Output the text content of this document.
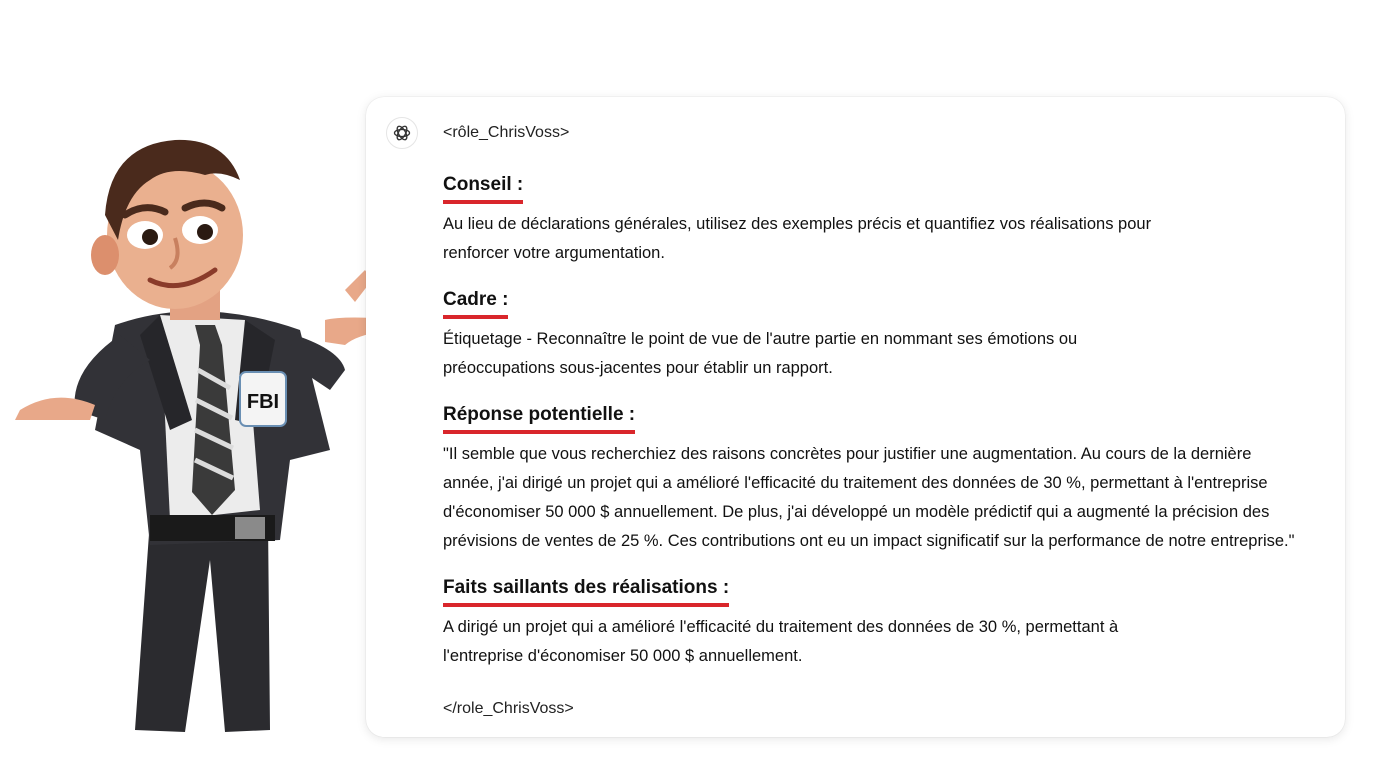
FBI

<rôle_ChrisVoss>

Conseil :

Au lieu de déclarations générales, utilisez des exemples précis et quantifiez vos réalisations pour
renforcer votre argumentation.

Cadre :

Étiquetage - Reconnaître le point de vue de l'autre partie en nommant ses émotions ou
préoccupations sous-jacentes pour établir un rapport.

Réponse potentielle :

"Il semble que vous recherchiez des raisons concrètes pour justifier une augmentation. Au cours de la dernière
année, j'ai dirigé un projet qui a amélioré l'efficacité du traitement des données de 30 %, permettant à l'entreprise
d'économiser 50 000 $ annuellement. De plus, j'ai développé un modèle prédictif qui a augmenté la précision des
prévisions de ventes de 25 %. Ces contributions ont eu un impact significatif sur la performance de notre entreprise."

Faits saillants des réalisations :

A dirigé un projet qui a amélioré l'efficacité du traitement des données de 30 %, permettant à
l'entreprise d'économiser 50 000 $ annuellement.

</role_ChrisVoss>
